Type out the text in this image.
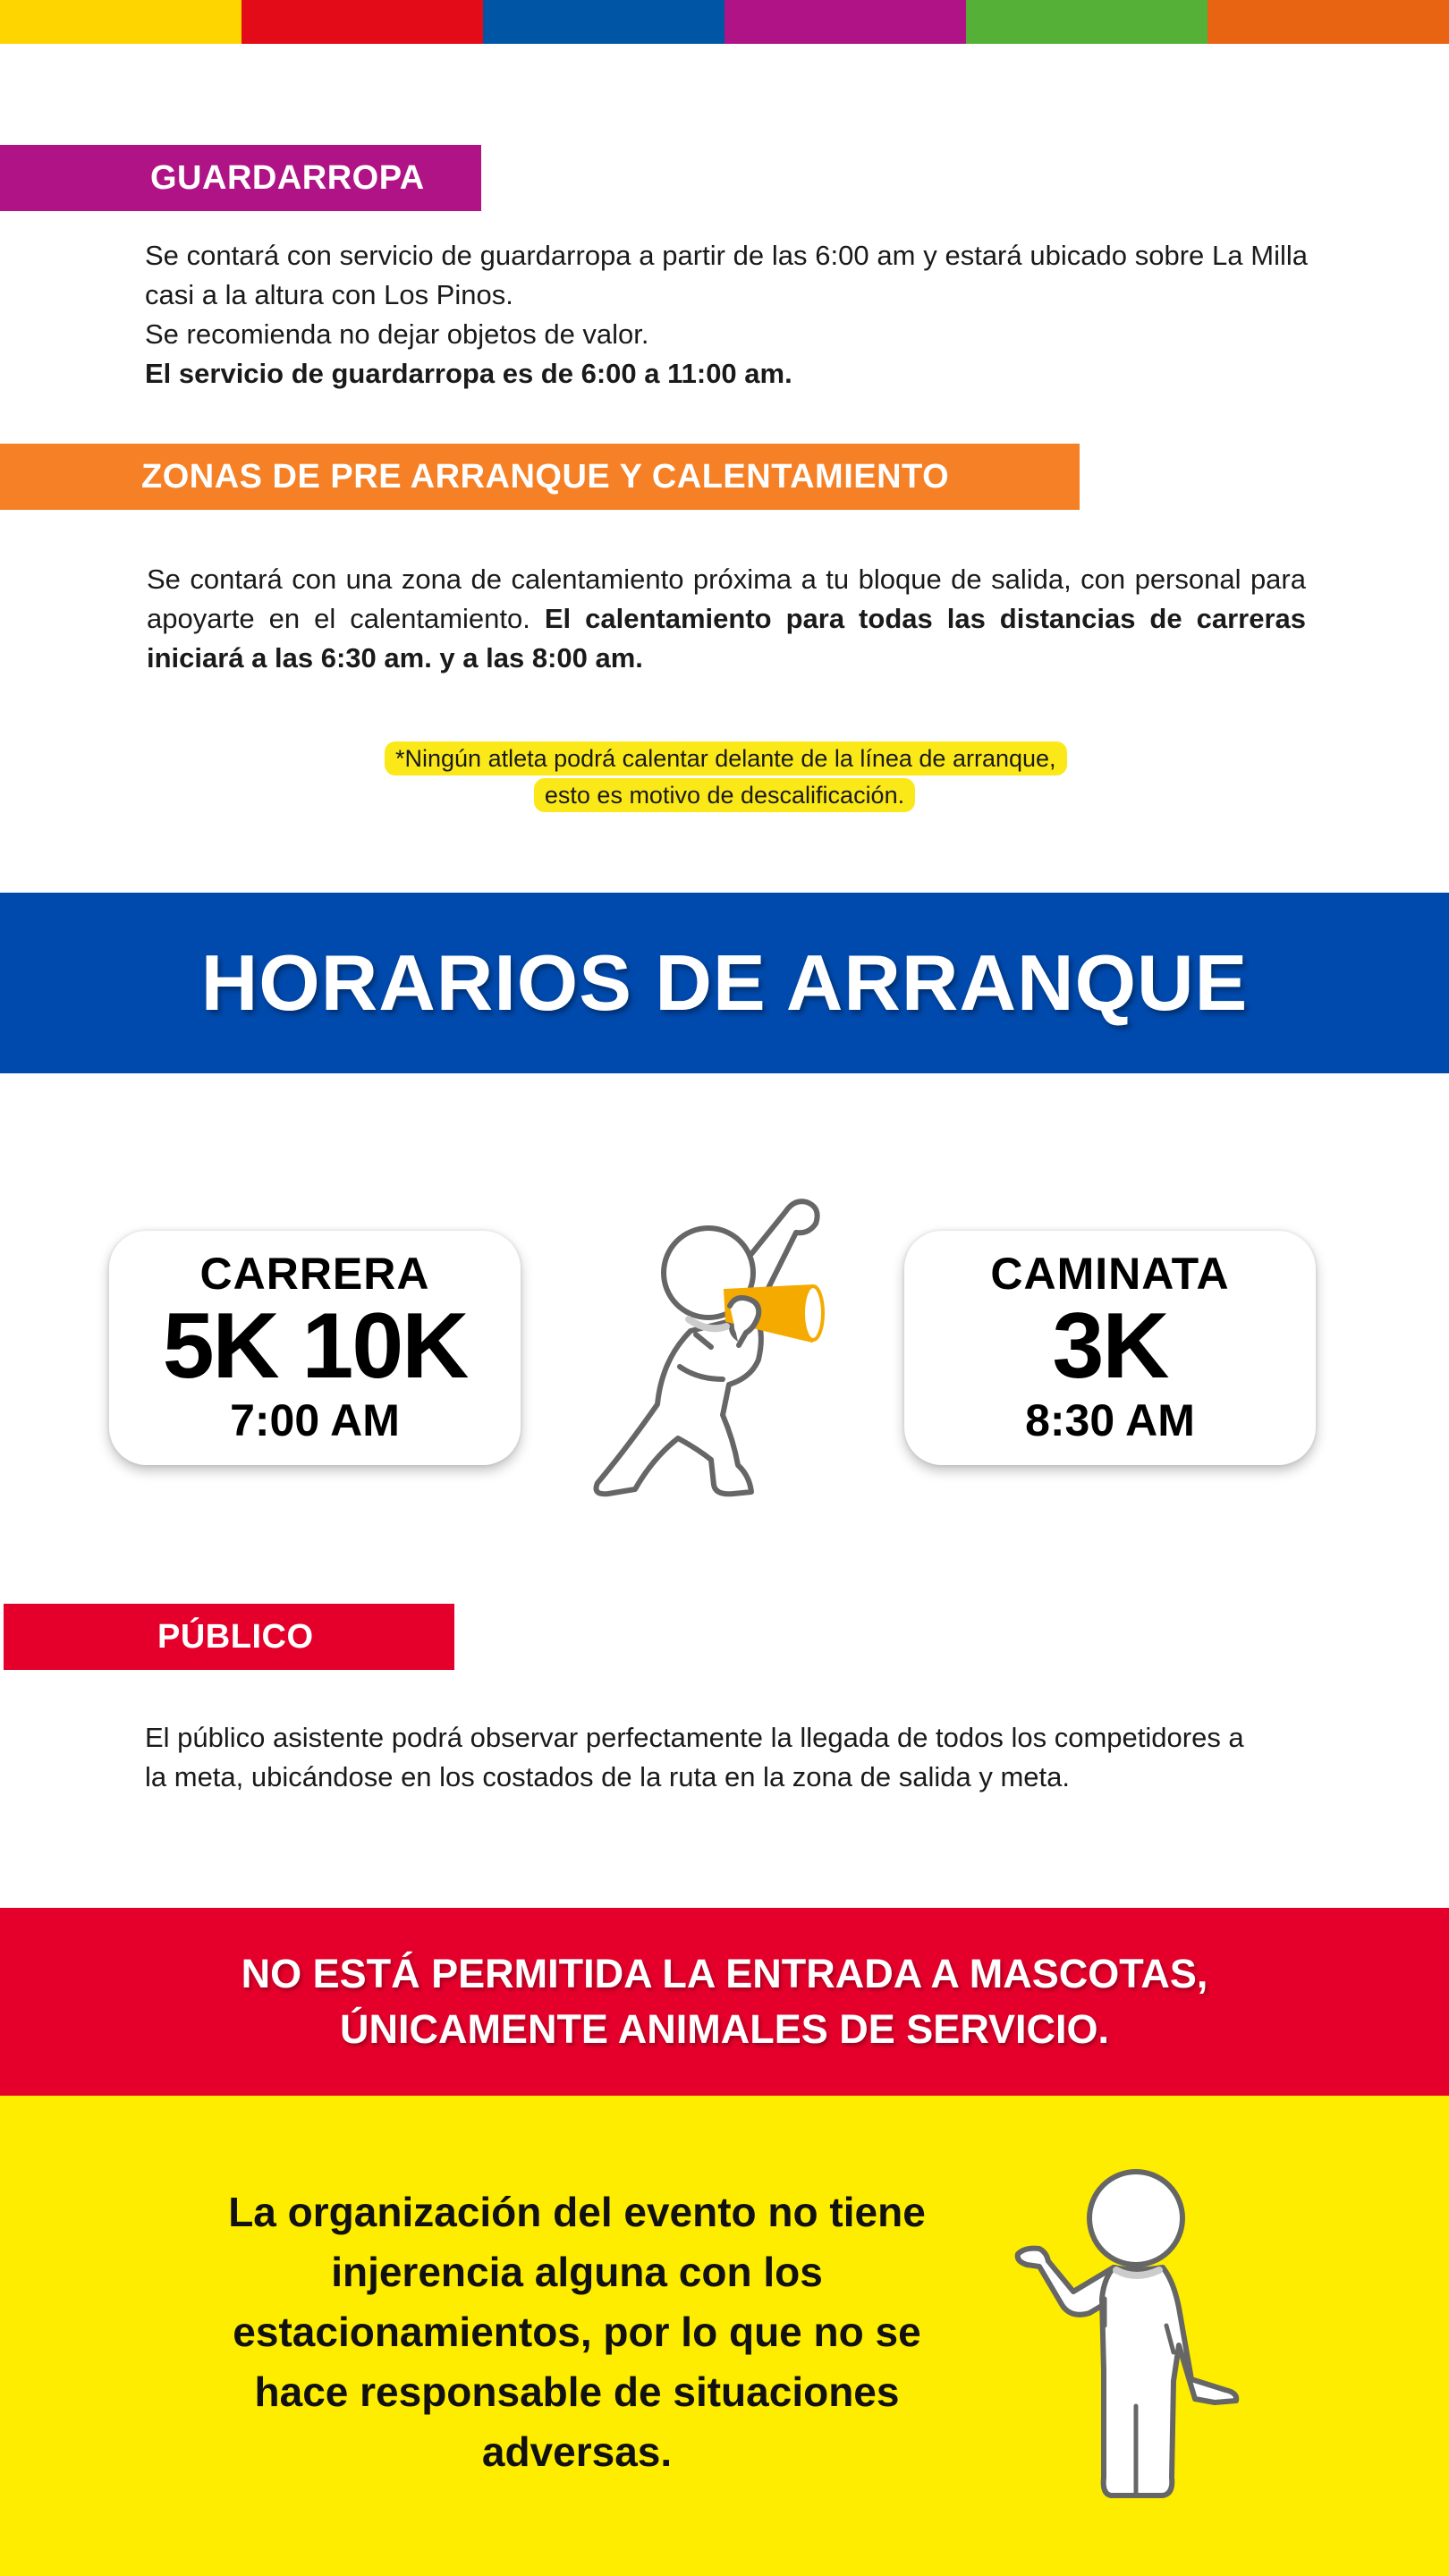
GUARDARROPA
Se contará con servicio de guardarropa a partir de las 6:00 am y estará ubicado sobre La Milla casi a la altura con Los Pinos.
Se recomienda no dejar objetos de valor.
El servicio de guardarropa es de 6:00 a 11:00 am.
ZONAS DE PRE ARRANQUE Y CALENTAMIENTO
Se contará con una zona de calentamiento próxima a tu bloque de salida, con personal para apoyarte en el calentamiento. El calentamiento para todas las distancias de carreras iniciará a las 6:30 am. y a las 8:00 am.
*Ningún atleta podrá calentar delante de la línea de arranque, esto es motivo de descalificación.
HORARIOS DE ARRANQUE
CARRERA
5K 10K
7:00 AM
CAMINATA
3K
8:30 AM
PÚBLICO
El público asistente podrá observar perfectamente la llegada de todos los competidores a la meta, ubicándose en los costados de la ruta en la zona de salida y meta.
NO ESTÁ PERMITIDA LA ENTRADA A MASCOTAS,
ÚNICAMENTE ANIMALES DE SERVICIO.
La organización del evento no tiene injerencia alguna con los estacionamientos, por lo que no se hace responsable de situaciones adversas.
